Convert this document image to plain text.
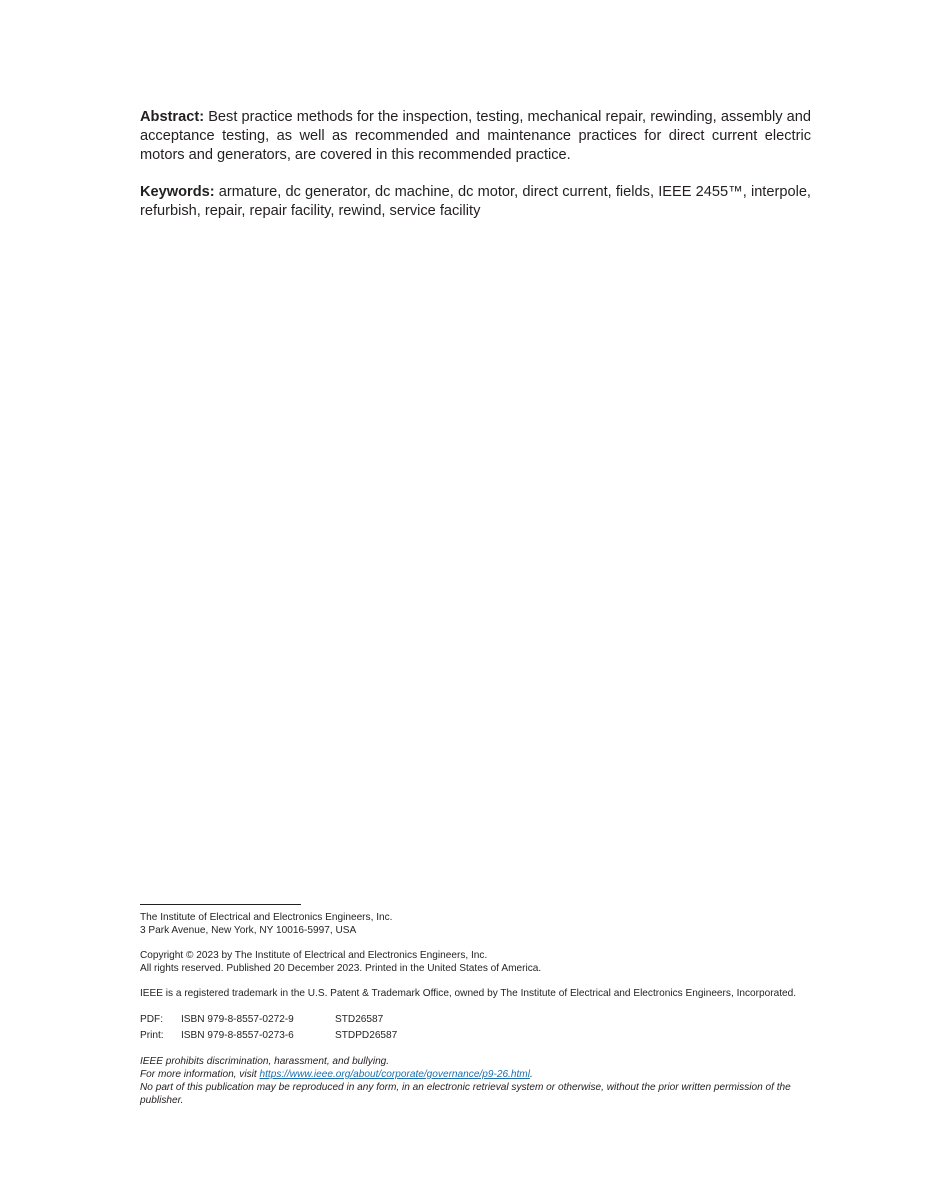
Abstract: Best practice methods for the inspection, testing, mechanical repair, rewinding, assembly and acceptance testing, as well as recommended and maintenance practices for direct current electric motors and generators, are covered in this recommended practice.

Keywords: armature, dc generator, dc machine, dc motor, direct current, fields, IEEE 2455™, interpole, refurbish, repair, repair facility, rewind, service facility

The Institute of Electrical and Electronics Engineers, Inc.

3 Park Avenue, New York, NY 10016-5997, USA

Copyright © 2023 by The Institute of Electrical and Electronics Engineers, Inc.

All rights reserved. Published 20 December 2023. Printed in the United States of America.

IEEE is a registered trademark in the U.S. Patent & Trademark Office, owned by The Institute of Electrical and Electronics Engineers, Incorporated.

PDF:	ISBN 979-8-8557-0272-9	STD26587
Print:	ISBN 979-8-8557-0273-6	STDPD26587

IEEE prohibits discrimination, harassment, and bullying.

For more information, visit https://www.ieee.org/about/corporate/governance/p9-26.html.

No part of this publication may be reproduced in any form, in an electronic retrieval system or otherwise, without the prior written permission of the publisher.
